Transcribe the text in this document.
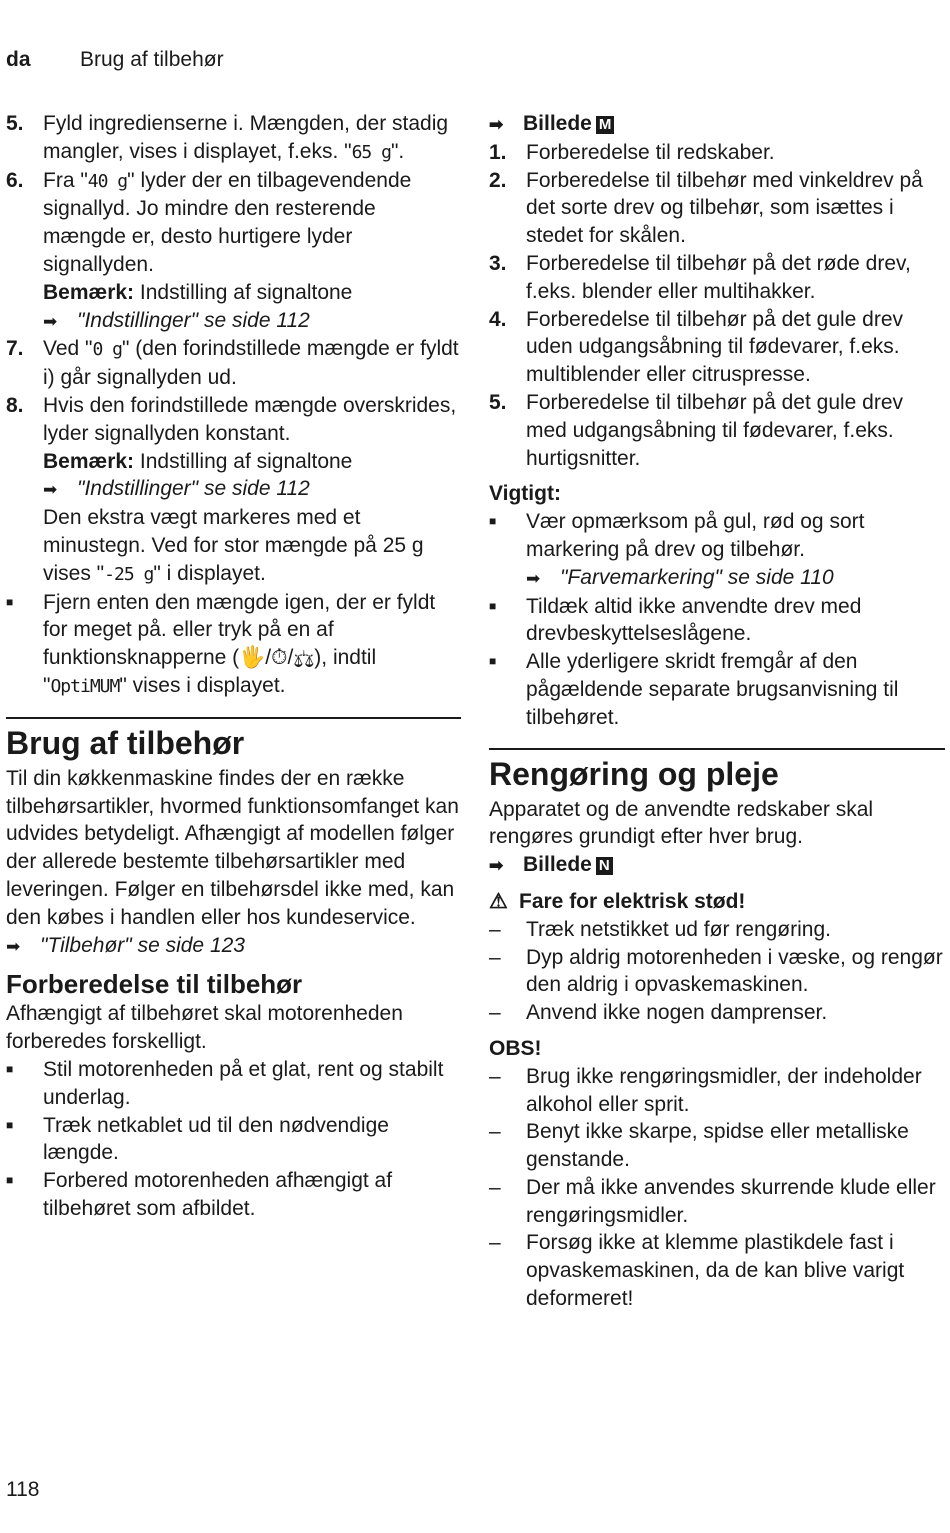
da Brug af tilbehør
5. Fyld ingredienserne i. Mængden, der stadig mangler, vises i displayet, f.eks. "65 g".
6. Fra "40 g" lyder der en tilbagevendende signallyd. Jo mindre den resterende mængde er, desto hurtigere lyder signallyden.
Bemærk: Indstilling af signaltone
➡ "Indstillinger" se side 112
7. Ved "0 g" (den forindstillede mængde er fyldt i) går signallyden ud.
8. Hvis den forindstillede mængde overskrides, lyder signallyden konstant.
Bemærk: Indstilling af signaltone
➡ "Indstillinger" se side 112
Den ekstra vægt markeres med et minustegn. Ved for stor mængde på 25 g vises "-25 g" i displayet.
■	Fjern enten den mængde igen, der er fyldt for meget på. eller tryk på en af funktionsknapperne (🖐/⏱/⚖), indtil "OptiMUM" vises i displayet.
Brug af tilbehør
Til din køkkenmaskine findes der en række tilbehørsartikler, hvormed funktionsomfanget kan udvides betydeligt. Afhængigt af modellen følger der allerede bestemte tilbehørsartikler med leveringen. Følger en tilbehørsdel ikke med, kan den købes i handlen eller hos kundeservice.
➡ "Tilbehør" se side 123
Forberedelse til tilbehør
Afhængigt af tilbehøret skal motorenheden forberedes forskelligt.
■	Stil motorenheden på et glat, rent og stabilt underlag.
■	Træk netkablet ud til den nødvendige længde.
■	Forbered motorenheden afhængigt af tilbehøret som afbildet.
➡ Billede M
1. Forberedelse til redskaber.
2. Forberedelse til tilbehør med vinkeldrev på det sorte drev og tilbehør, som isættes i stedet for skålen.
3. Forberedelse til tilbehør på det røde drev, f.eks. blender eller multihakker.
4. Forberedelse til tilbehør på det gule drev uden udgangsåbning til fødevarer, f.eks. multiblender eller citruspresse.
5. Forberedelse til tilbehør på det gule drev med udgangsåbning til fødevarer, f.eks. hurtigsnitter.
Vigtigt:
■	Vær opmærksom på gul, rød og sort markering på drev og tilbehør.
➡ "Farvemarkering" se side 110
■	Tildæk altid ikke anvendte drev med drevbeskyttelseslågene.
■	Alle yderligere skridt fremgår af den pågældende separate brugsanvisning til tilbehøret.
Rengøring og pleje
Apparatet og de anvendte redskaber skal rengøres grundigt efter hver brug.
➡ Billede N
⚠ Fare for elektrisk stød!
–	Træk netstikket ud før rengøring.
–	Dyp aldrig motorenheden i væske, og rengør den aldrig i opvaskemaskinen.
–	Anvend ikke nogen damprenser.
OBS!
–	Brug ikke rengøringsmidler, der indeholder alkohol eller sprit.
–	Benyt ikke skarpe, spidse eller metalliske genstande.
–	Der må ikke anvendes skurrende klude eller rengøringsmidler.
–	Forsøg ikke at klemme plastikdele fast i opvaskemaskinen, da de kan blive varigt deformeret!
118
